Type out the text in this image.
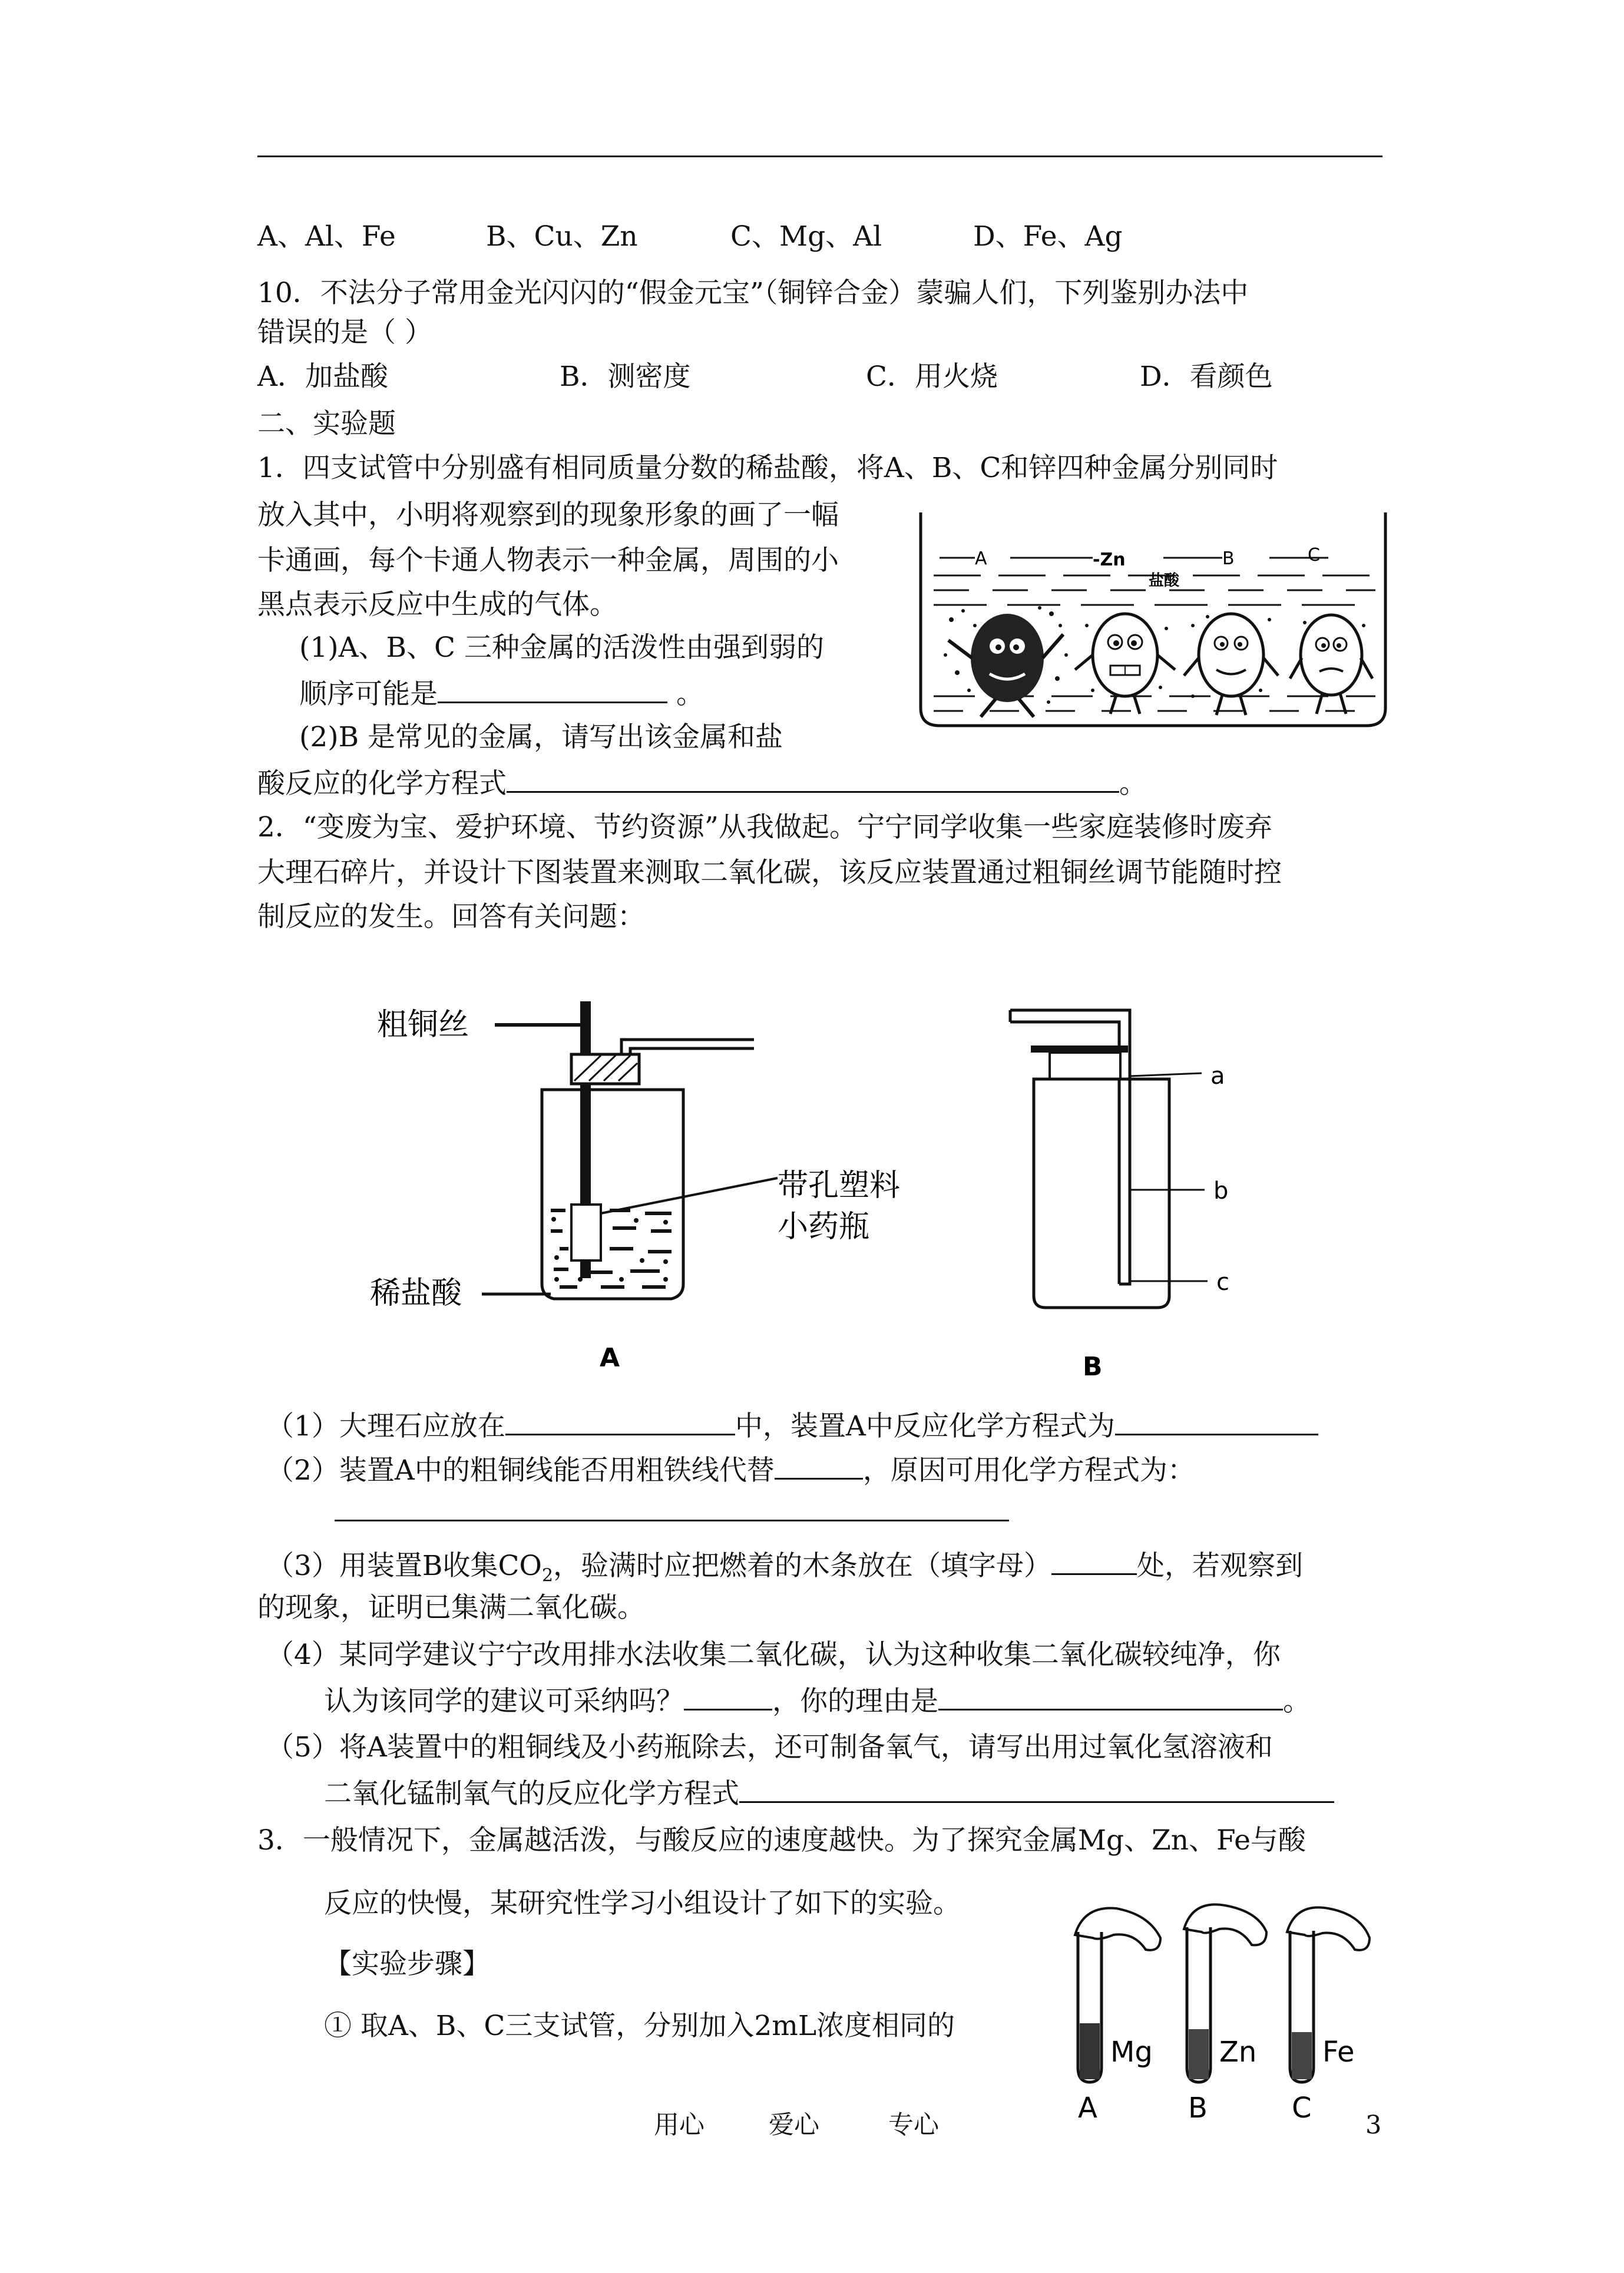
A、Al、Fe	B、Cu、Zn	C、Mg、Al	D、Fe、Ag
10．不法分子常用金光闪闪的“假金元宝”（铜锌合金）蒙骗人们，下列鉴别办法中
错误的是（ ）
A．加盐酸	B．测密度	C．用火烧	D．看颜色
二、实验题
1．四支试管中分别盛有相同质量分数的稀盐酸，将A、B、C和锌四种金属分别同时
放入其中，小明将观察到的现象形象的画了一幅
卡通画，每个卡通人物表示一种金属，周围的小
黑点表示反应中生成的气体。
(1)A、B、C 三种金属的活泼性由强到弱的
顺序可能是	。
(2)B 是常见的金属，请写出该金属和盐
酸反应的化学方程式	。
A	-Zn	B	C
盐酸
2．“变废为宝、爱护环境、节约资源”从我做起。宁宁同学收集一些家庭装修时废弃
大理石碎片，并设计下图装置来测取二氧化碳，该反应装置通过粗铜丝调节能随时控
制反应的发生。回答有关问题：
粗铜丝
带孔塑料
小药瓶
稀盐酸
A
a
b
c
B
（1）大理石应放在	中，装置A中反应化学方程式为
（2）装置A中的粗铜线能否用粗铁线代替	，原因可用化学方程式为：
（3）用装置B收集$CO_2$，验满时应把燃着的木条放在（填字母）	处，若观察到
的现象，证明已集满二氧化碳。
（4）某同学建议宁宁改用排水法收集二氧化碳，认为这种收集二氧化碳较纯净，你
认为该同学的建议可采纳吗？	，你的理由是	。
（5）将A装置中的粗铜线及小药瓶除去，还可制备氧气，请写出用过氧化氢溶液和
二氧化锰制氧气的反应化学方程式
3．一般情况下，金属越活泼，与酸反应的速度越快。为了探究金属Mg、Zn、Fe与酸
反应的快慢，某研究性学习小组设计了如下的实验。
【实验步骤】
① 取A、B、C三支试管，分别加入2mL浓度相同的
Mg
A
Zn
B
Fe
C
用心	爱心	专心	3
